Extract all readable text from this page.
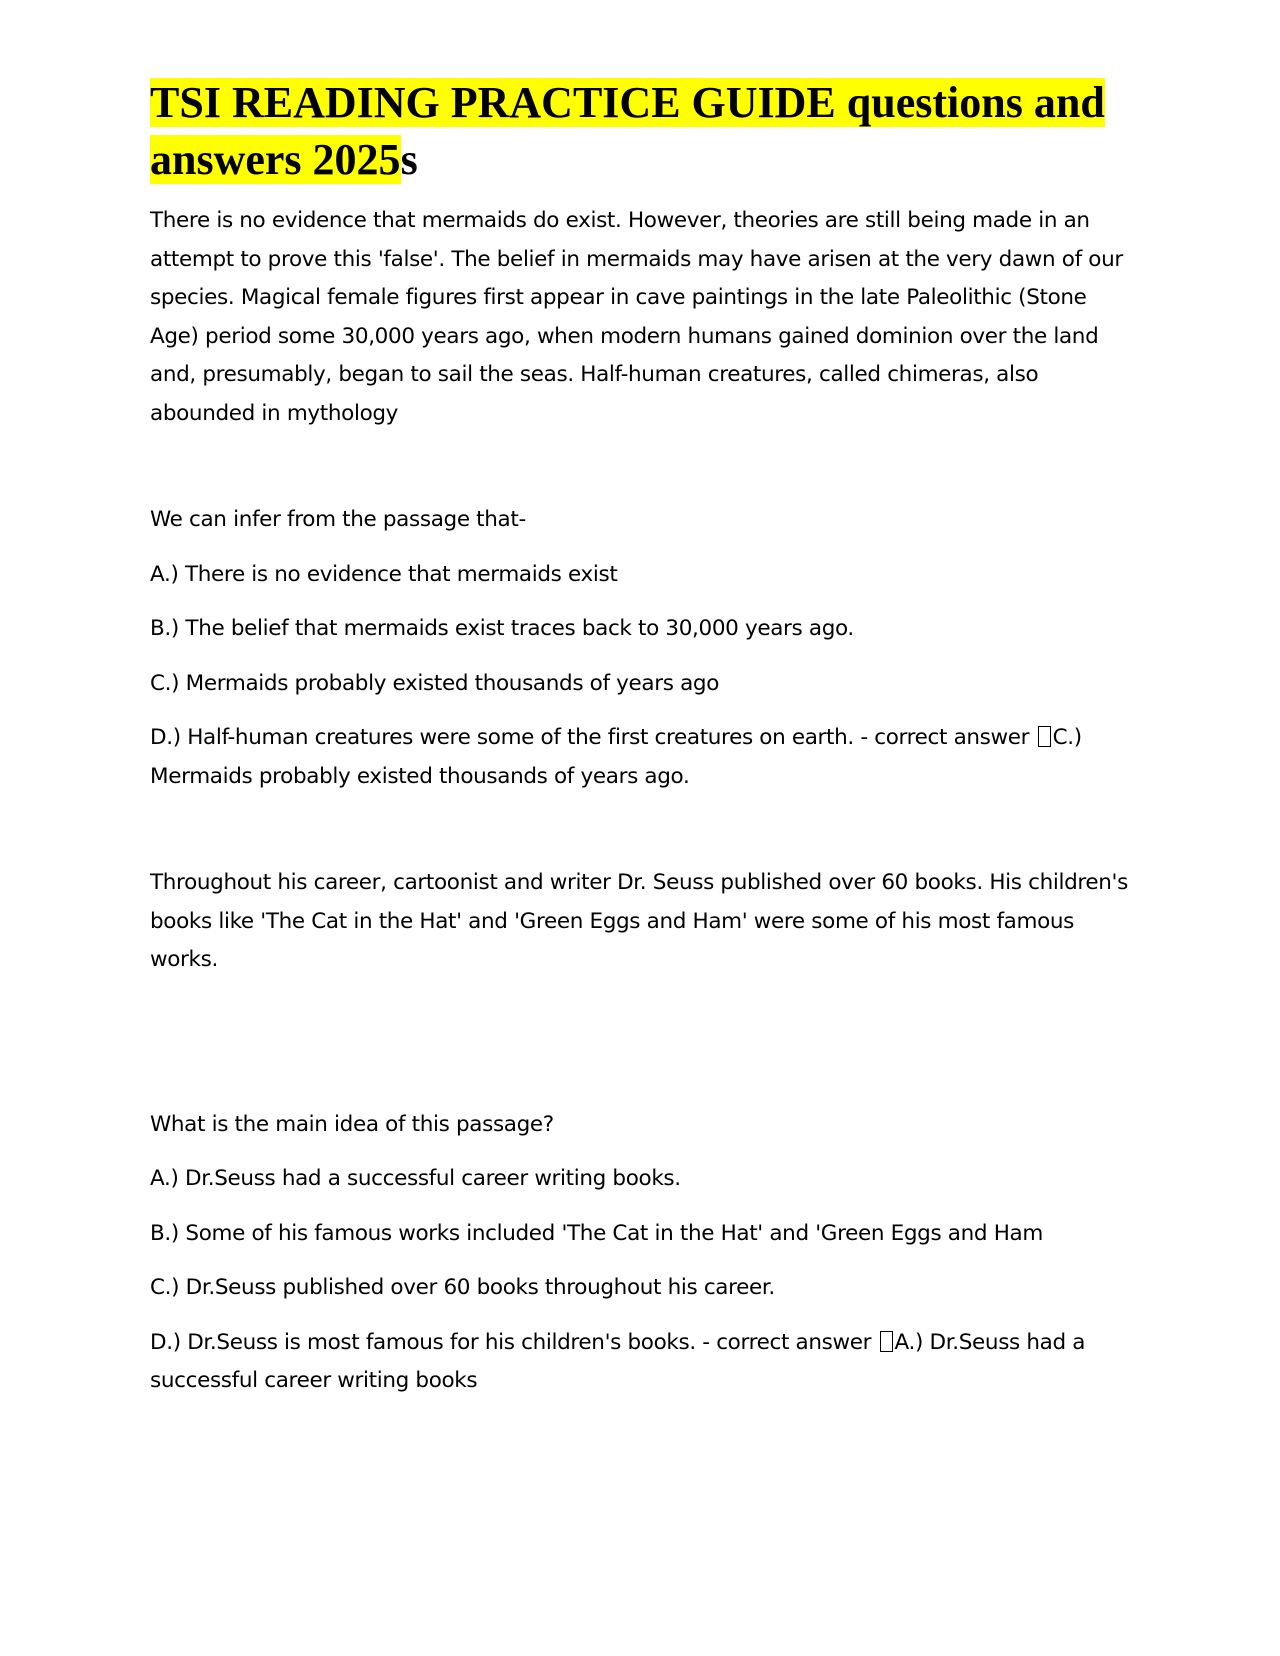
TSI READING PRACTICE GUIDE questions and answers 2025s

There is no evidence that mermaids do exist. However, theories are still being made in an attempt to prove this 'false'. The belief in mermaids may have arisen at the very dawn of our species. Magical female figures first appear in cave paintings in the late Paleolithic (Stone Age) period some 30,000 years ago, when modern humans gained dominion over the land and, presumably, began to sail the seas. Half-human creatures, called chimeras, also abounded in mythology

We can infer from the passage that-

A.) There is no evidence that mermaids exist

B.) The belief that mermaids exist traces back to 30,000 years ago.

C.) Mermaids probably existed thousands of years ago

D.) Half-human creatures were some of the first creatures on earth. - correct answer C.) Mermaids probably existed thousands of years ago.

Throughout his career, cartoonist and writer Dr. Seuss published over 60 books. His children's books like 'The Cat in the Hat' and 'Green Eggs and Ham' were some of his most famous works.

What is the main idea of this passage?

A.) Dr.Seuss had a successful career writing books.

B.) Some of his famous works included 'The Cat in the Hat' and 'Green Eggs and Ham

C.) Dr.Seuss published over 60 books throughout his career.

D.) Dr.Seuss is most famous for his children's books. - correct answer A.) Dr.Seuss had a successful career writing books
